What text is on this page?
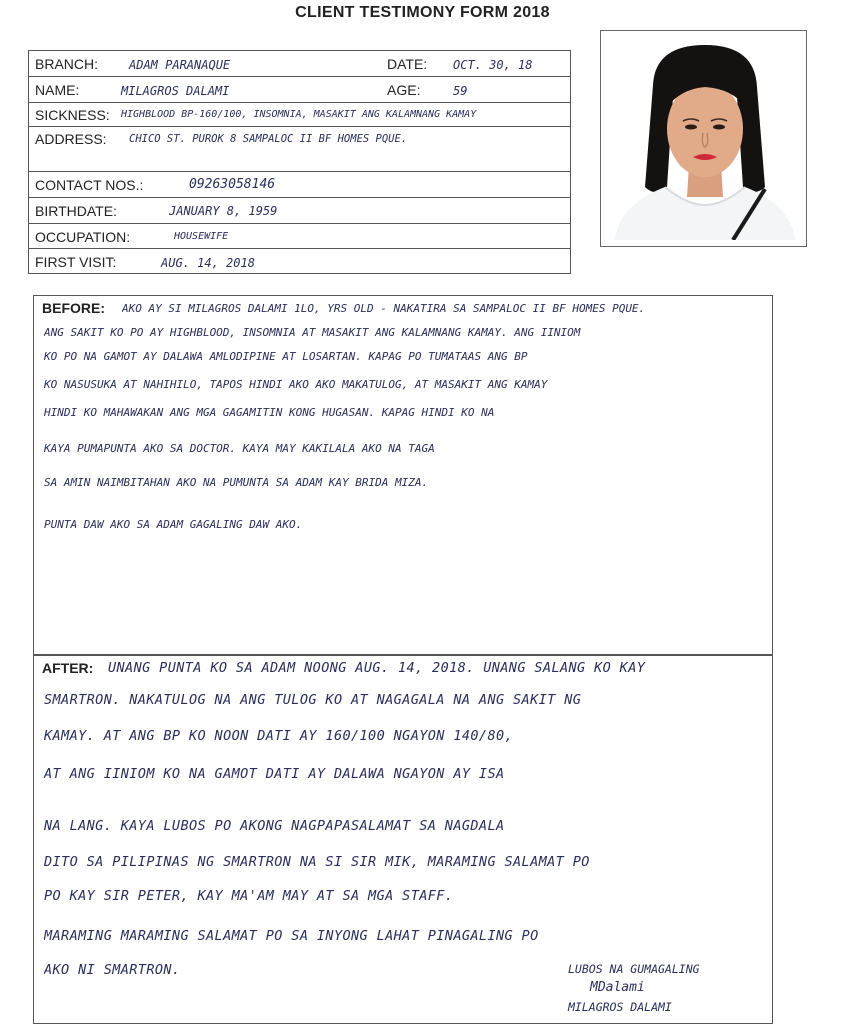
CLIENT TESTIMONY FORM 2018
BRANCH:	ADAM PARANAQUE	DATE: OCT. 30, 18
NAME:	MILAGROS DALAMI	AGE:	59
SICKNESS: HIGHBLOOD BP-160/100, INSOMNIA, MASAKIT ANG KALAMNANG KAMAY
ADDRESS: CHICO ST. PUROK 8 SAMPALOC II BF HOMES PQUE.
CONTACT NOS.:	09263058146
BIRTHDATE:	JANUARY 8, 1959
OCCUPATION:	HOUSEWIFE
FIRST VISIT:	AUG. 14, 2018
BEFORE: AKO AY SI MILAGROS DALAMI 1LO, YRS OLD - NAKATIRA SA SAMPALOC II BF HOMES PQUE.
ANG SAKIT KO PO AY HIGHBLOOD, INSOMNIA AT MASAKIT ANG KALAMNANG KAMAY. ANG IINIOM
KO PO NA GAMOT AY DALAWA AMLODIPINE AT LOSARTAN. KAPAG PO TUMATAAS ANG BP
KO NASUSUKA AT NAHIHILO, TAPOS HINDI AKO AKO MAKATULOG, AT MASAKIT ANG KAMAY
HINDI KO MAHAWAKAN ANG MGA GAGAMITIN KONG HUGASAN. KAPAG HINDI KO NA
KAYA PUMAPUNTA AKO SA DOCTOR. KAYA MAY KAKILALA AKO NA TAGA
SA AMIN NAIMBITAHAN AKO NA PUMUNTA SA ADAM KAY BRIDA MIZA.
PUNTA DAW AKO SA ADAM GAGALING DAW AKO.
AFTER: UNANG PUNTA KO SA ADAM NOONG AUG. 14, 2018. UNANG SALANG KO KAY
SMARTRON. NAKATULOG NA ANG TULOG KO AT NAGAGALA NA ANG SAKIT NG
KAMAY. AT ANG BP KO NOON DATI AY 160/100 NGAYON 140/80,
AT ANG IINIOM KO NA GAMOT DATI AY DALAWA NGAYON AY ISA
NA LANG. KAYA LUBOS PO AKONG NAGPAPASALAMAT SA NAGDALA
DITO SA PILIPINAS NG SMARTRON NA SI SIR MIK, MARAMING SALAMAT PO
PO KAY SIR PETER, KAY MA'AM MAY AT SA MGA STAFF.
MARAMING MARAMING SALAMAT PO SA INYONG LAHAT PINAGALING PO
AKO NI SMARTRON.	LUBOS NA GUMAGALING
MDalami
MILAGROS DALAMI
